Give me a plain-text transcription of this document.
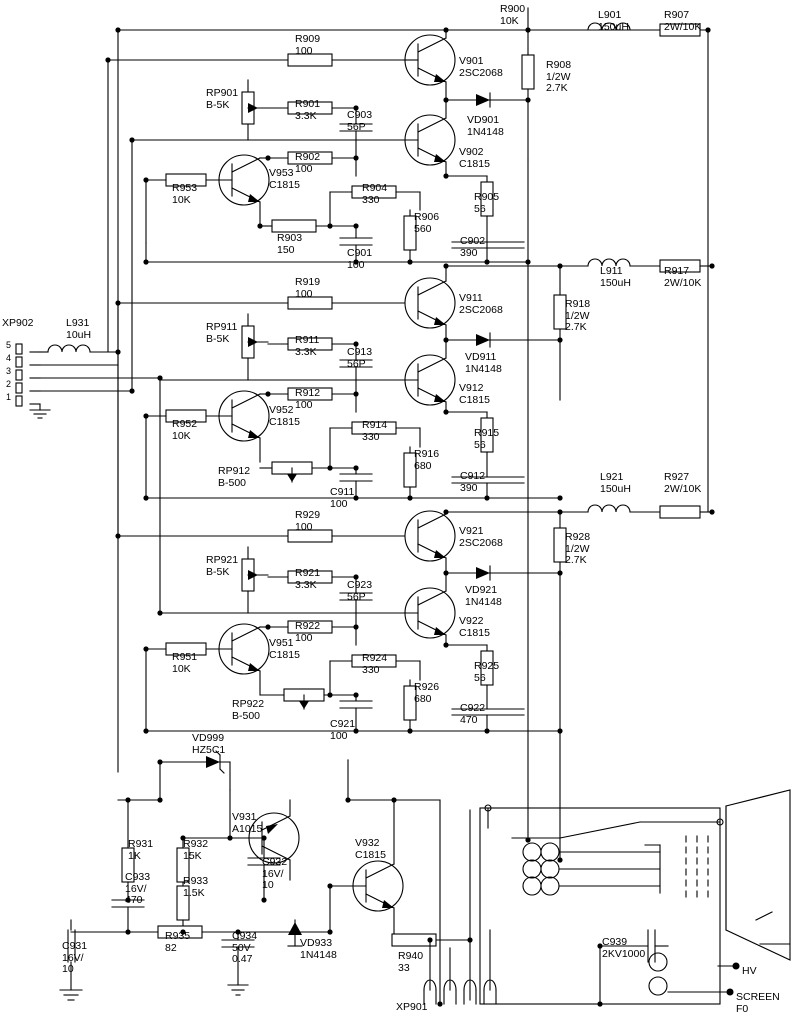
R900
10K	L901
150uH
R907
2W/10K
R909
100
V901
2SC2068
R908
1/2W
2.7K
RP901
B-5K	R901
3.3K	C903
56P
VD901
1N4148
V902
C1815
R902
100
V953
C1815
R953
10K
R904
330	R905
56
R906
560
R903
150
C902
390
C901
100
L911
150uH
R917
2W/10K
R919
100	V911
2SC2068	R918
1/2W
2.7K
RP911
B-5K	R911
3.3K	C913
56P
VD911
1N4148
V912
C1815
R912
100
V952
C1815
R952
10K
R914
330	R915
56
R916
680
RP912
B-500
C912
390
C911
100
L921
150uH
R927
2W/10K
R929
100	V921
2SC2068	R928
1/2W
2.7K
RP921
B-5K	R921
3.3K	C923
56P
VD921
1N4148
V922
C1815
R922
100
V951
C1815
R951
10K
R924
330	R925
56
R926
680
RP922
B-500
C922
470
C921
100
VD999
HZ5C1
V931
A1015
V932
C1815
R931
1K
R932
15K
C932
16V/
10
R933
1.5K
C933
16V/
470
R935
82
C934
50V
0.47
VD933
1N4148
C931
16V/
10
R940
33
C939
2KV1000
XP901
L931
10uH
XP902
HV
SCREEN
F0
5
4
3
2
1
